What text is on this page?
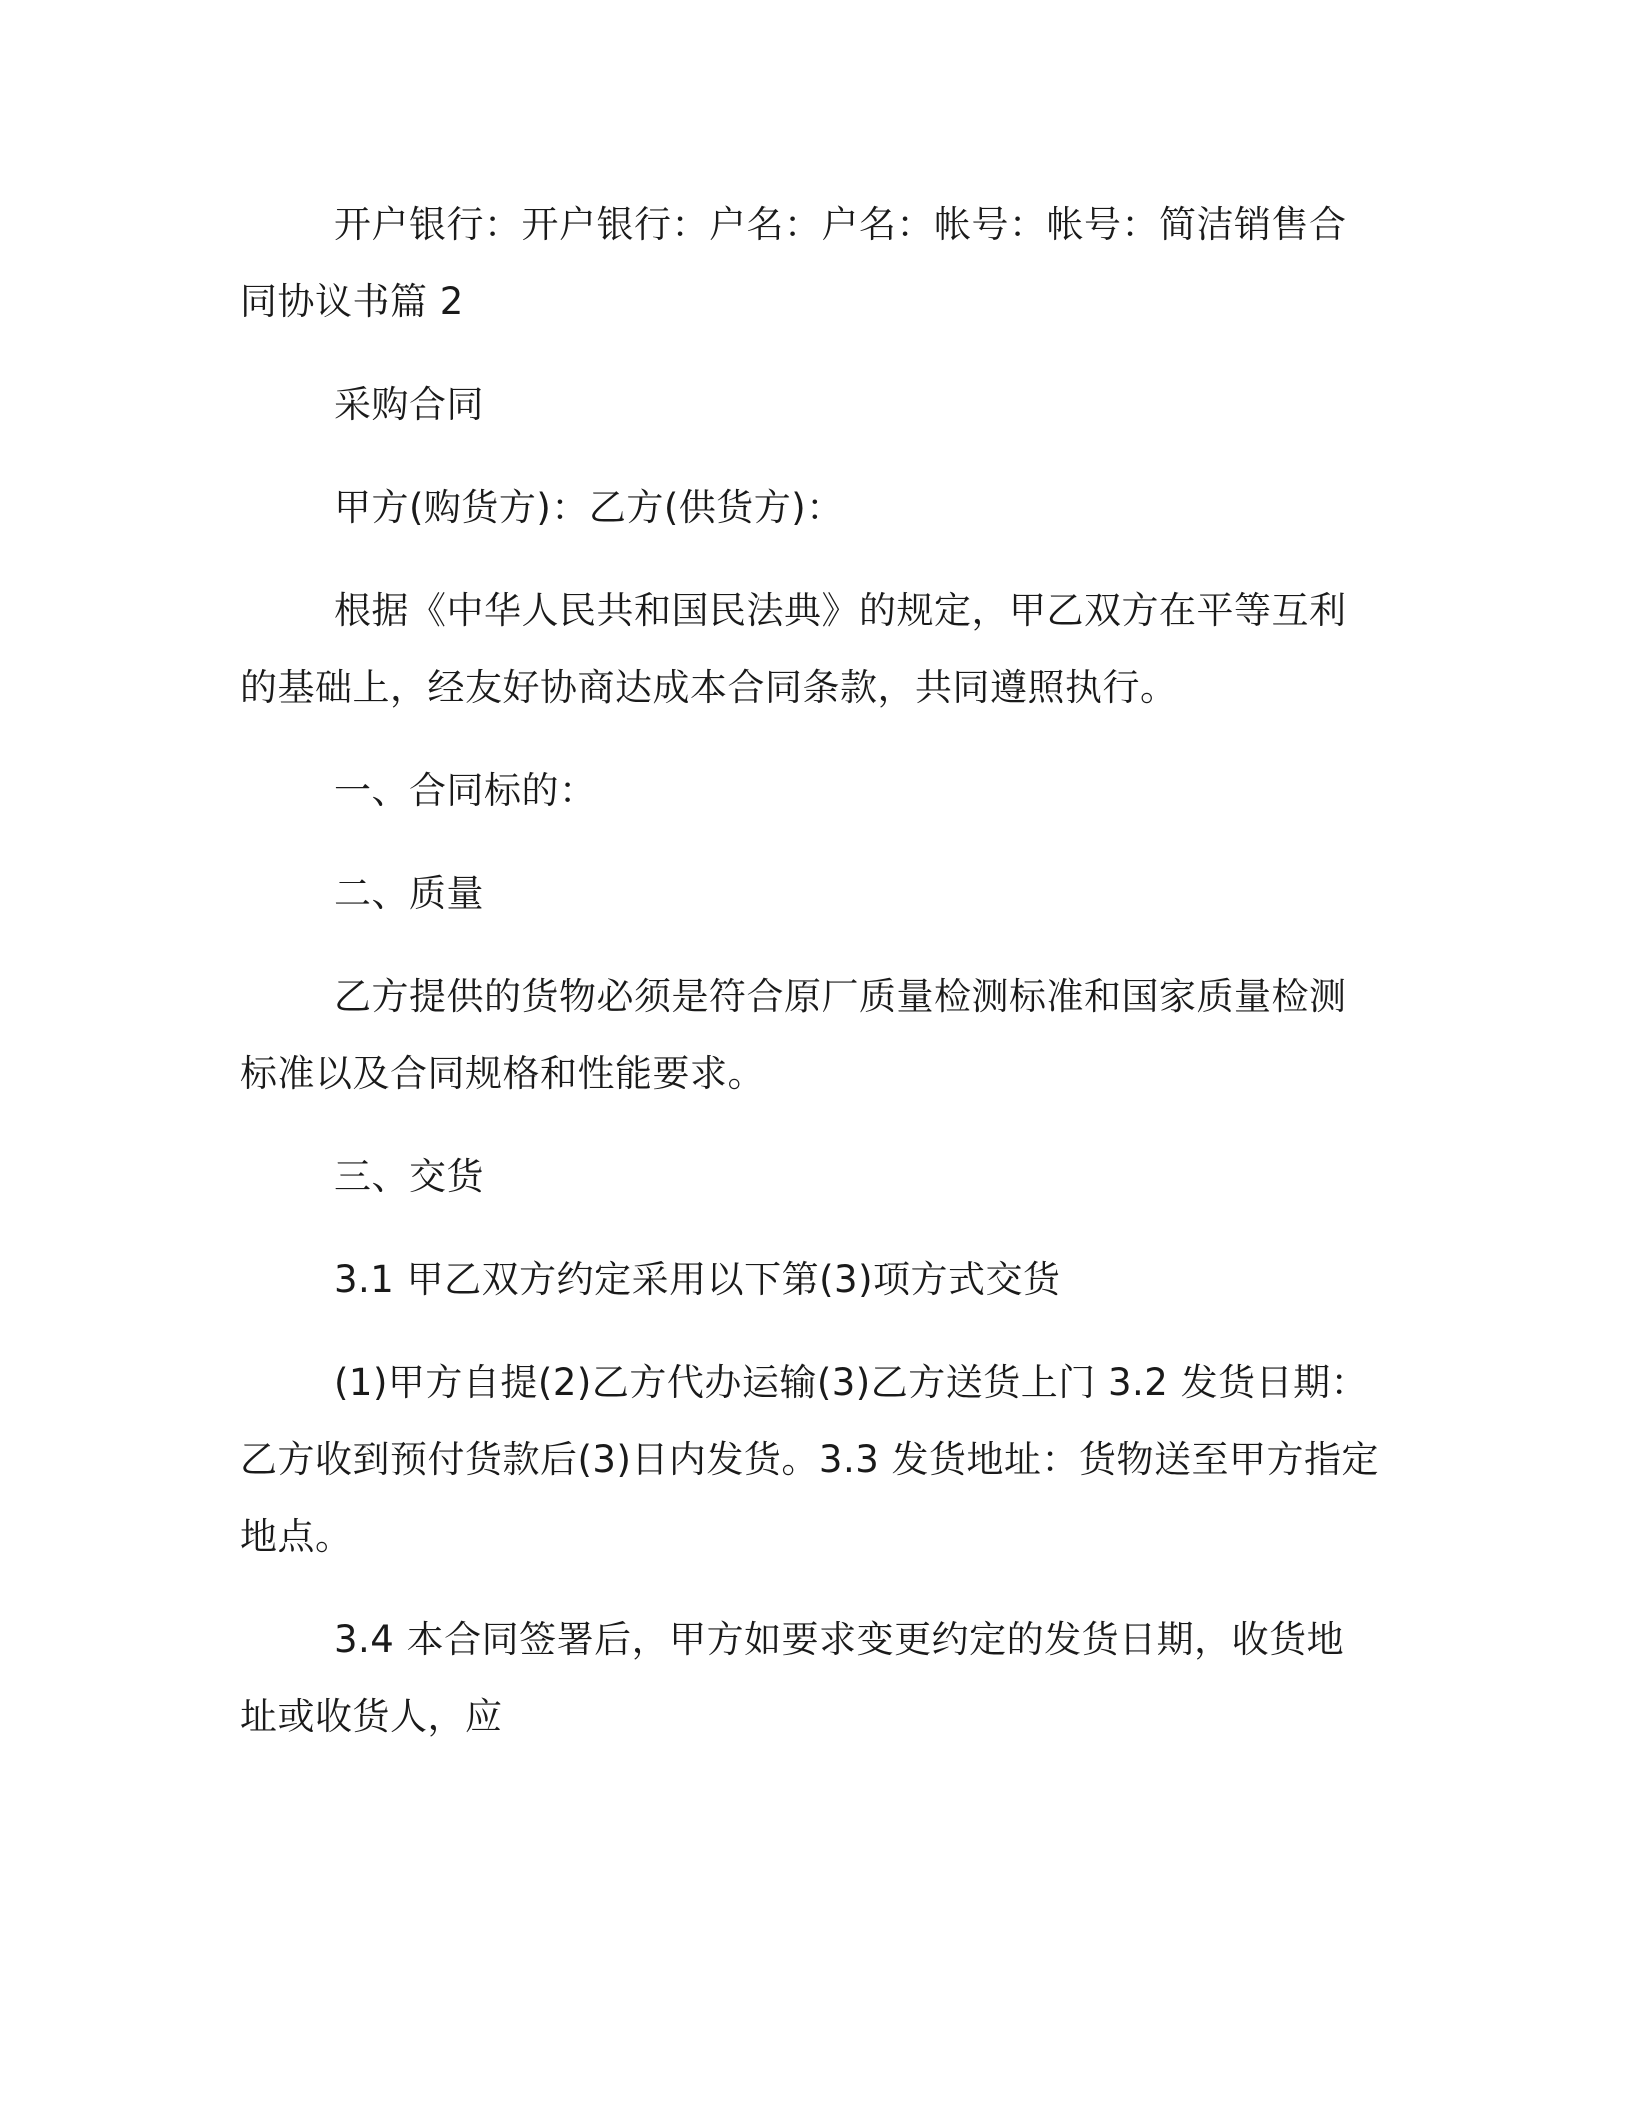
开户银行：开户银行：户名：户名：帐号：帐号：简洁销售合同协议书篇 2

采购合同

甲方(购货方)：乙方(供货方)：

根据《中华人民共和国民法典》的规定，甲乙双方在平等互利的基础上，经友好协商达成本合同条款，共同遵照执行。

一、合同标的：

二、质量

乙方提供的货物必须是符合原厂质量检测标准和国家质量检测标准以及合同规格和性能要求。

三、交货

3.1 甲乙双方约定采用以下第(3)项方式交货

(1)甲方自提(2)乙方代办运输(3)乙方送货上门 3.2 发货日期：乙方收到预付货款后(3)日内发货。3.3 发货地址：货物送至甲方指定地点。

3.4 本合同签署后，甲方如要求变更约定的发货日期，收货地址或收货人，应
